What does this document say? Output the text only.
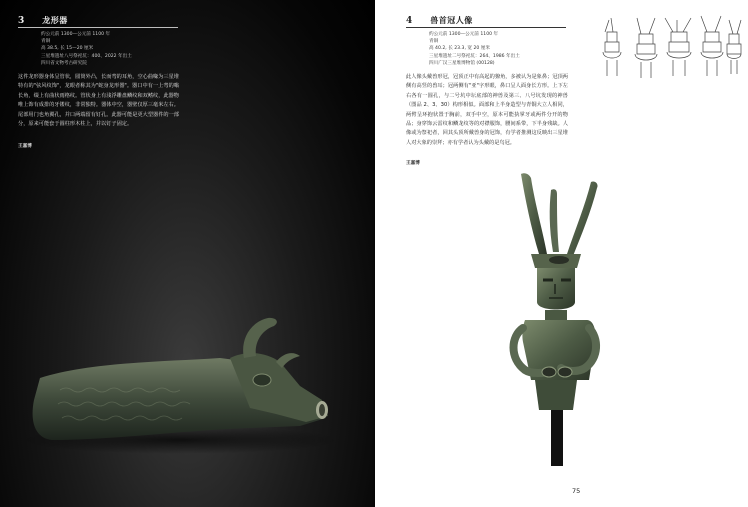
3 龙形器
约公元前 1300—公元前 1100 年
青铜
高 38.5, 长 15—20 厘米
三星堆遗址八号祭祀坑：400、2022 年出土
四川省文物考古研究院
这件龙形器身体呈管状，圆筒外凸，长而弯的耳角，空心曲喙为三星堆特有的"弦风纹饰"，龙眼者称其为"蛇身龙形器"。器口中有一上弯的嗡长角，缀上有曲状雨格纹。管状身上有浅浮雕盘鳞纹和双鳍纹，此器物唯上饰有成排的牙镂纹，非常独特。器体中空，器壁仅厚三毫米左右。尾部用门也角翼孔，并口两端留有钉孔。此器可能是更大型器件的一部分，原来可能套于圆柱形木柱上，并以钉子固定。
王嘉博
4 兽首冠人像
约公元前 1300—公元前 1100 年
青铜
高 40.2, 长 23.3, 宽 20 厘米
三星堆遗址二号祭祀坑：264、1986 年出土
四川广汉三星堆博物馆 (00128)
此人像头戴兽形冠，冠顶正中有高起的獠角，多被认为是象鼻；冠顶两侧有高竖的兽耳；冠两侧有"亚"字形眼，鼻口呈人面身长方形。上下左右各有一圆孔，与二号坑中坛底部的神兽及第三、八号坑发现的神兽（图品 2、3、30）构形相似。面部和上半身造型与青铜大立人相同，两臂呈环抱状置于胸前，双手中空，原本可能执掌牙或两件分开的物品；身穿饰云雷纹和鳞龙纹等的对襟服饰，腰间系带，下半身残缺。人像或为祭祀者，回其头顶所戴兽身的冠饰，有学者推测这反映出三星堆人对大象的崇拜；亦有学者认为头戴的是鸟冠。
王嘉博
75
